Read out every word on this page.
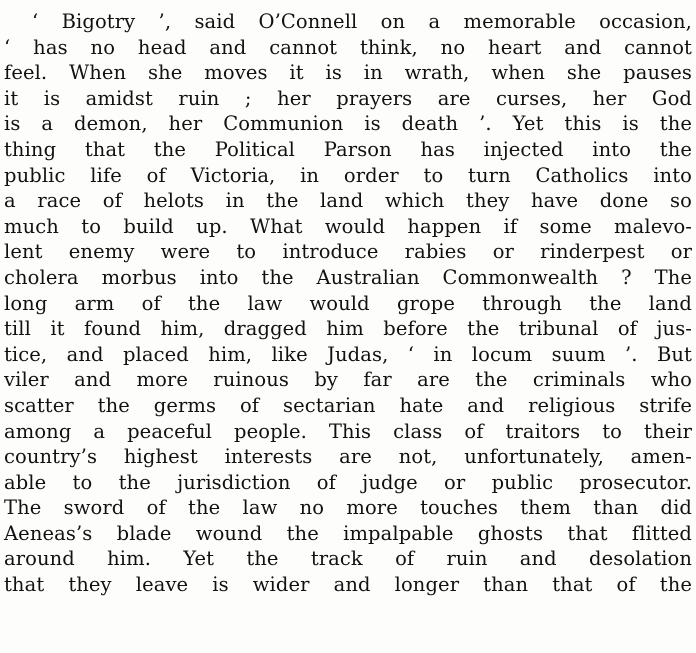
‘ Bigotry ’, said O’Connell on a memorable occasion,
‘ has no head and cannot think, no heart and cannot
feel. When she moves it is in wrath, when she pauses
it is amidst ruin ; her prayers are curses, her God
is a demon, her Communion is death ’. Yet this is the
thing that the Political Parson has injected into the
public life of Victoria, in order to turn Catholics into
a race of helots in the land which they have done so
much to build up. What would happen if some malevo-
lent enemy were to introduce rabies or rinderpest or
cholera morbus into the Australian Commonwealth ? The
long arm of the law would grope through the land
till it found him, dragged him before the tribunal of jus-
tice, and placed him, like Judas, ‘ in locum suum ’. But
viler and more ruinous by far are the criminals who
scatter the germs of sectarian hate and religious strife
among a peaceful people. This class of traitors to their
country’s highest interests are not, unfortunately, amen-
able to the jurisdiction of judge or public prosecutor.
The sword of the law no more touches them than did
Aeneas’s blade wound the impalpable ghosts that flitted
around him. Yet the track of ruin and desolation
that they leave is wider and longer than that of the
